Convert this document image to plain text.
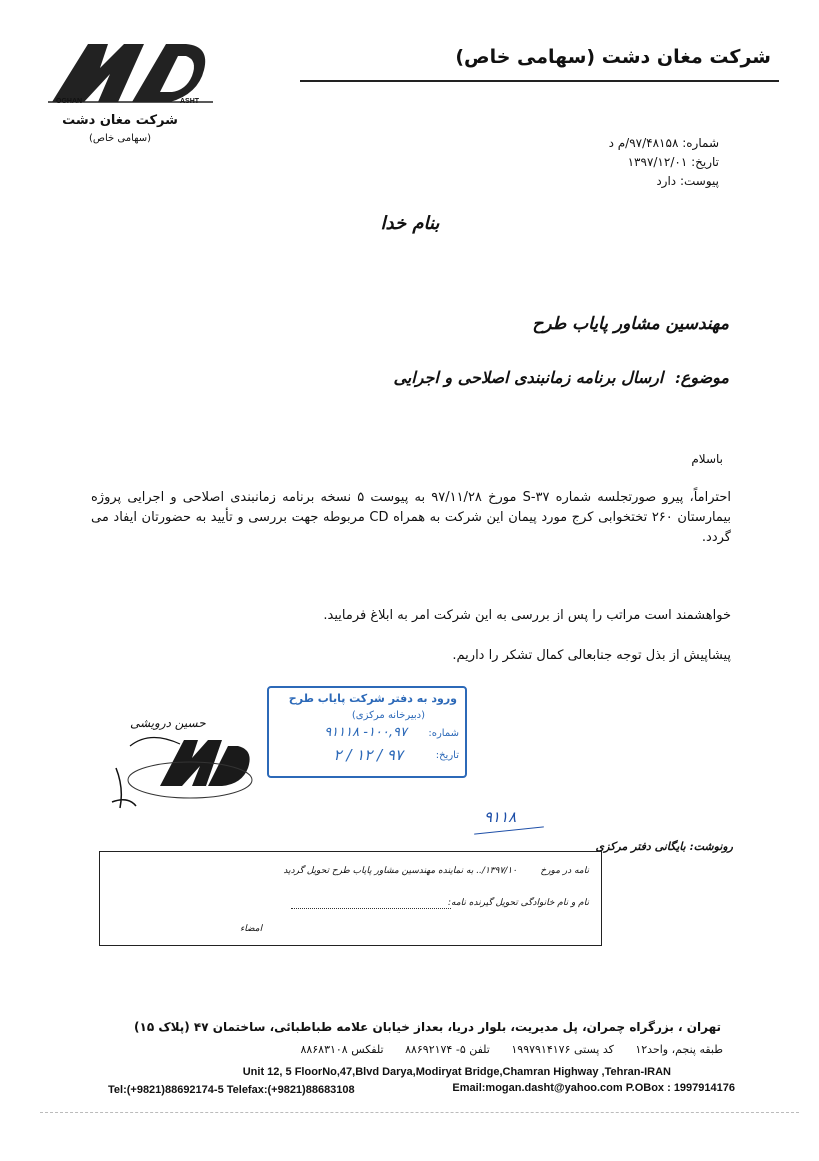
شرکت مغان دشت (سهامی خاص)
OGHAN	ASHT
شرکت مغان دشت
(سهامی خاص)	شماره: ۹۷/۴۸۱۵۸/م د
تاریخ: ۱۳۹۷/۱۲/۰۱
پیوست: دارد
بنام خدا
مهندسین مشاور پایاب طرح
موضوع: ارسال برنامه زمانبندی اصلاحی و اجرایی
باسلام
احتراماً، پیرو صورتجلسه شماره S-۳۷ مورخ ۹۷/۱۱/۲۸ به پیوست ۵ نسخه برنامه زمانبندی اصلاحی و اجرایی پروژه بیمارستان ۲۶۰ تختخوابی کرج مورد پیمان این شرکت به همراه CD مربوطه جهت بررسی و تأیید به حضورتان ایفاد می گردد.
خواهشمند است مراتب را پس از بررسی به این شرکت امر به ابلاغ فرمایید.
پیشاپیش از بذل توجه جنابعالی کمال تشکر را داریم.
حسین درویشی
ورود به دفتر شرکت پایاب طرح
(دبیرخانه مرکزی)
شماره:
۱۰۰,۹۷- ۹۱۱۱۸
تاریخ:
۹۷ / ۱۲ / ۲
۹۱۱۸
رونوشت: بایگانی دفتر مرکزی
نامه در مورخ
۱۳۹۷/۱۰/.. به نماینده مهندسین مشاور پایاب طرح تحویل گردید
نام و نام خانوادگی تحویل گیرنده نامه:
امضاء
تهران ، بزرگراه چمران، پل مدیریت، بلوار دریا، بعداز خیابان علامه طباطبائی، ساختمان ۴۷ (پلاک ۱۵)
طبقه پنجم، واحد۱۲ کد پستی ۱۹۹۷۹۱۴۱۷۶ تلفن ۵- ۸۸۶۹۲۱۷۴ تلفکس ۸۸۶۸۳۱۰۸
Unit 12, 5 FloorNo,47,Blvd Darya,Modiryat Bridge,Chamran Highway ,Tehran-IRAN
Tel:(+9821)88692174-5 Telefax:(+9821)88683108	Email:mogan.dasht@yahoo.com P.OBox : 1997914176
